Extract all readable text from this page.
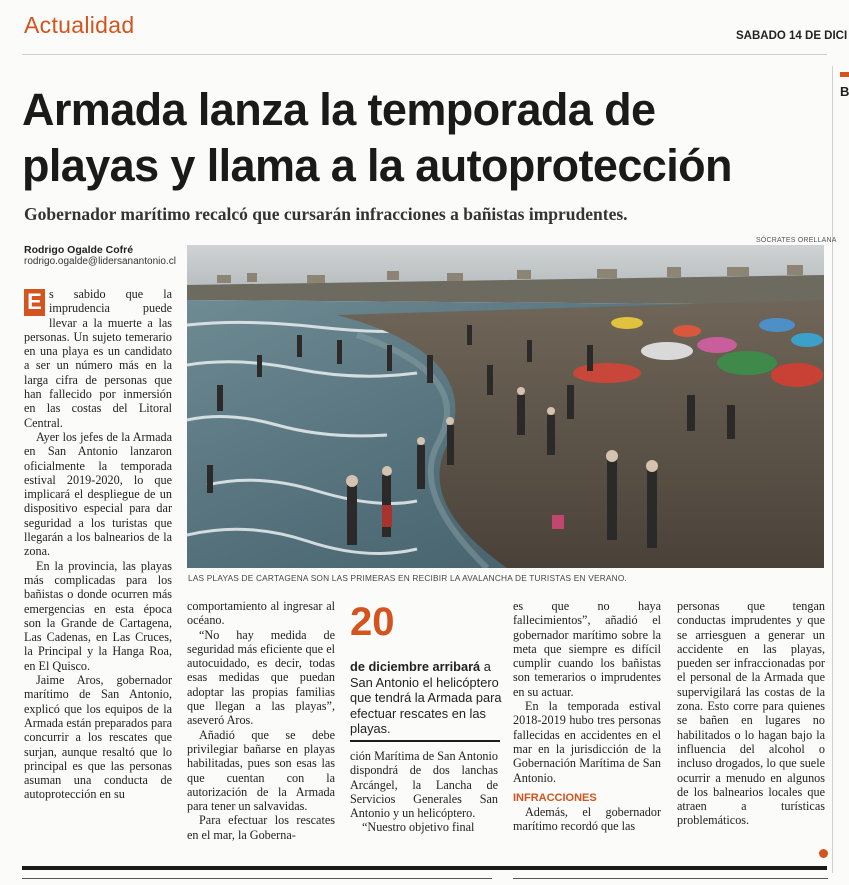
Actualidad	SÁBADO 14 DE DICI
B
Armada lanza la temporada de
playas y llama a la autoprotección
Gobernador marítimo recalcó que cursarán infracciones a bañistas imprudentes.
Rodrigo Ogalde Cofré
rodrigo.ogalde@lidersanantonio.cl
SÓCRATES ORELLANA
LAS PLAYAS DE CARTAGENA SON LAS PRIMERAS EN RECIBIR LA AVALANCHA DE TURISTAS EN VERANO.

E s sabido que la imprudencia puede llevar a la muerte a las personas. Un sujeto temerario en una playa es un candidato a ser un número más en la larga cifra de personas que han fallecido por inmersión en las costas del Litoral Central.

Ayer los jefes de la Armada en San Antonio lanzaron oficialmente la temporada estival 2019-2020, lo que implicará el despliegue de un dispositivo especial para dar seguridad a los turistas que llegarán a los balnearios de la zona.

En la provincia, las playas más complicadas para los bañistas o donde ocurren más emergencias en esta época son la Grande de Cartagena, Las Cadenas, en Las Cruces, la Principal y la Hanga Roa, en El Quisco.

Jaime Aros, gobernador marítimo de San Antonio, explicó que los equipos de la Armada están preparados para concurrir a los rescates que surjan, aunque resaltó que lo principal es que las personas asuman una conducta de autoprotección en su

comportamiento al ingresar al océano.

“No hay medida de seguridad más eficiente que el autocuidado, es decir, todas esas medidas que puedan adoptar las propias familias que llegan a las playas”, aseveró Aros.

Añadió que se debe privilegiar bañarse en playas habilitadas, pues son esas las que cuentan con la autorización de la Armada para tener un salvavidas.

Para efectuar los rescates en el mar, la Goberna-

20
de diciembre arribará a San Antonio el helicóptero que tendrá la Armada para efectuar rescates en las playas.

ción Marítima de San Antonio dispondrá de dos lanchas Arcángel, la Lancha de Servicios Generales San Antonio y un helicóptero.

“Nuestro objetivo final

es que no haya fallecimientos”, añadió el gobernador marítimo sobre la meta que siempre es difícil cumplir cuando los bañistas son temerarios o imprudentes en su actuar.

En la temporada estival 2018-2019 hubo tres personas fallecidas en accidentes en el mar en la jurisdicción de la Gobernación Marítima de San Antonio.

INFRACCIONES

Además, el gobernador marítimo recordó que las

personas que tengan conductas imprudentes y que se arriesguen a generar un accidente en las playas, pueden ser infraccionadas por el personal de la Armada que supervigilará las costas de la zona. Esto corre para quienes se bañen en lugares no habilitados o lo hagan bajo la influencia del alcohol o incluso drogados, lo que suele ocurrir a menudo en algunos de los balnearios locales que atraen a turísticas problemáticos.
